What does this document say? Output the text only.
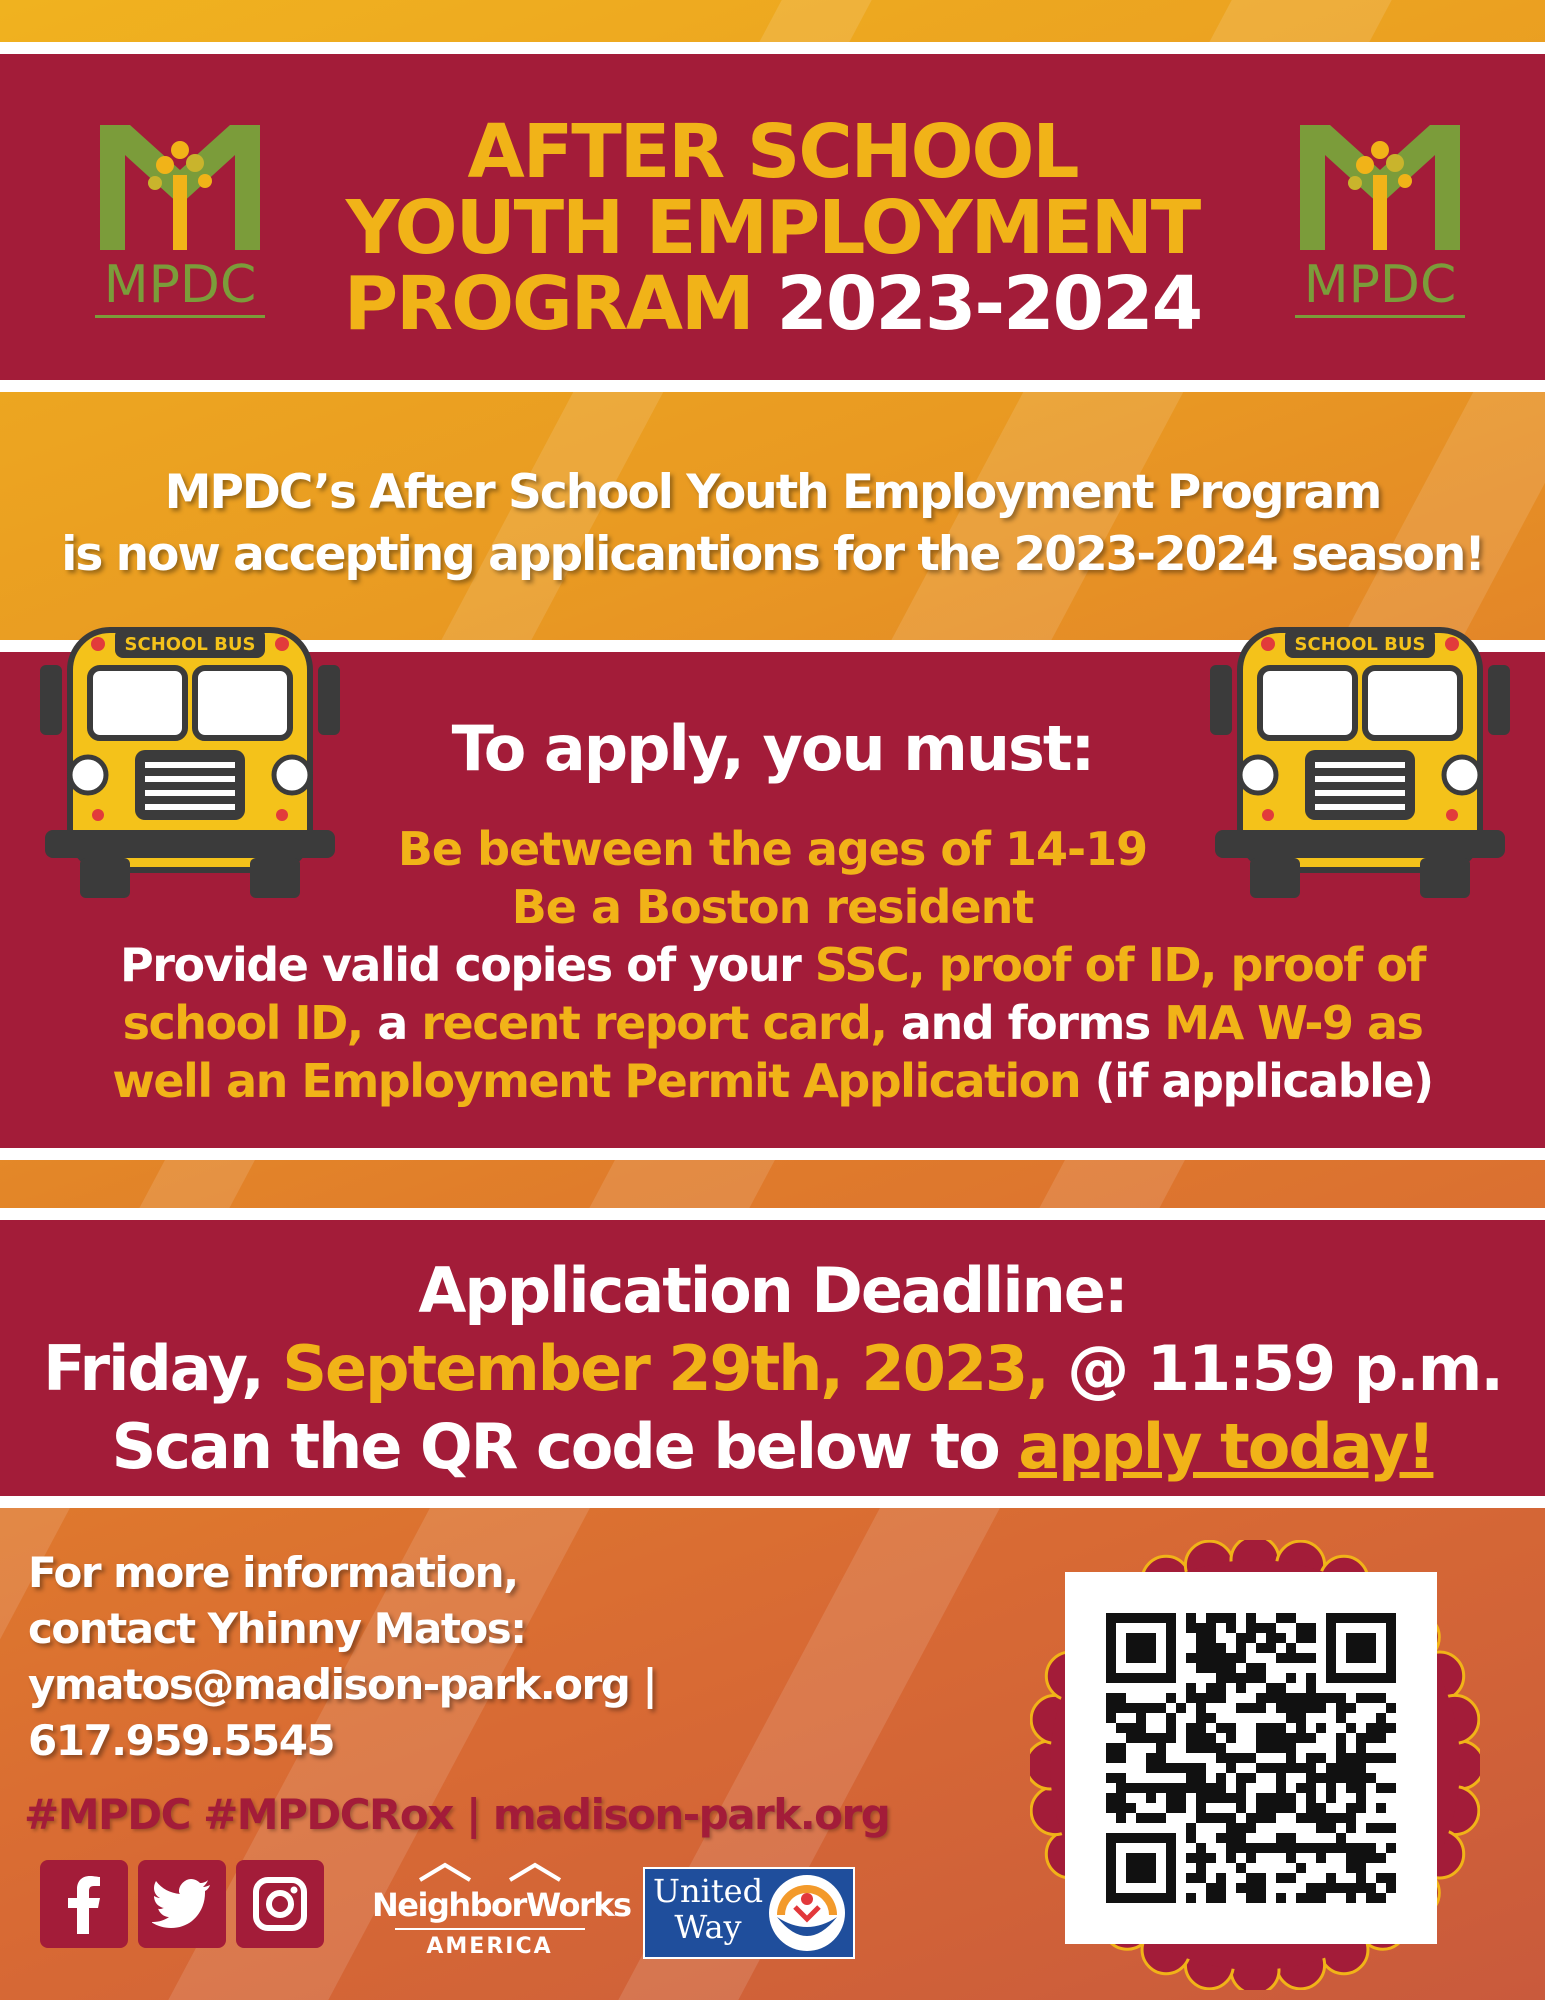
AFTER SCHOOL
YOUTH EMPLOYMENT
PROGRAM 2023-2024
MPDC	MPDC
MPDC’s After School Youth Employment Program
is now accepting applicantions for the 2023-2024 season!
To apply, you must:
Be between the ages of 14-19
Be a Boston resident
Provide valid copies of your SSC, proof of ID, proof of
school ID, a recent report card, and forms MA W-9 as
well an Employment Permit Application (if applicable)
SCHOOL BUS	SCHOOL BUS
Application Deadline:
Friday, September 29th, 2023, @ 11:59 p.m.
Scan the QR code below to apply today!
For more information,
contact Yhinny Matos:
ymatos@madison-park.org |
617.959.5545
#MPDC #MPDCRox | madison-park.org
NeighborWorks
AMERICA
United
Way
